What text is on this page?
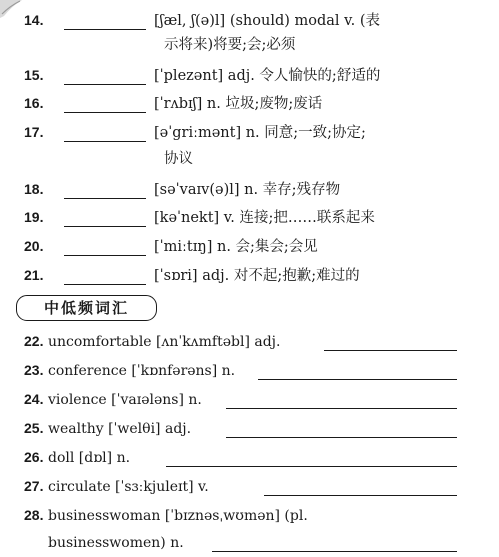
14.	[ʃæl, ʃ(ə)l] (should) modal v. (表
示将来)将要;会;必须
15.	[ˈplezənt] adj. 令人愉快的;舒适的
16.	[ˈrʌbɪʃ] n. 垃圾;废物;废话
17.	[əˈgriːmənt] n. 同意;一致;协定;
协议
18.	[səˈvaɪv(ə)l] n. 幸存;残存物
19.	[kəˈnekt] v. 连接;把……联系起来
20.	[ˈmiːtɪŋ] n. 会;集会;会见
21.	[ˈsɒri] adj. 对不起;抱歉;难过的
中低频词汇
22. uncomfortable [ʌnˈkʌmftəbl] adj.
23. conference [ˈkɒnfərəns] n.
24. violence [ˈvaɪələns] n.
25. wealthy [ˈwelθi] adj.
26. doll [dɒl] n.
27. circulate [ˈsɜːkjuleɪt] v.
28. businesswoman [ˈbɪznəsˌwʊmən] (pl.
businesswomen) n.
